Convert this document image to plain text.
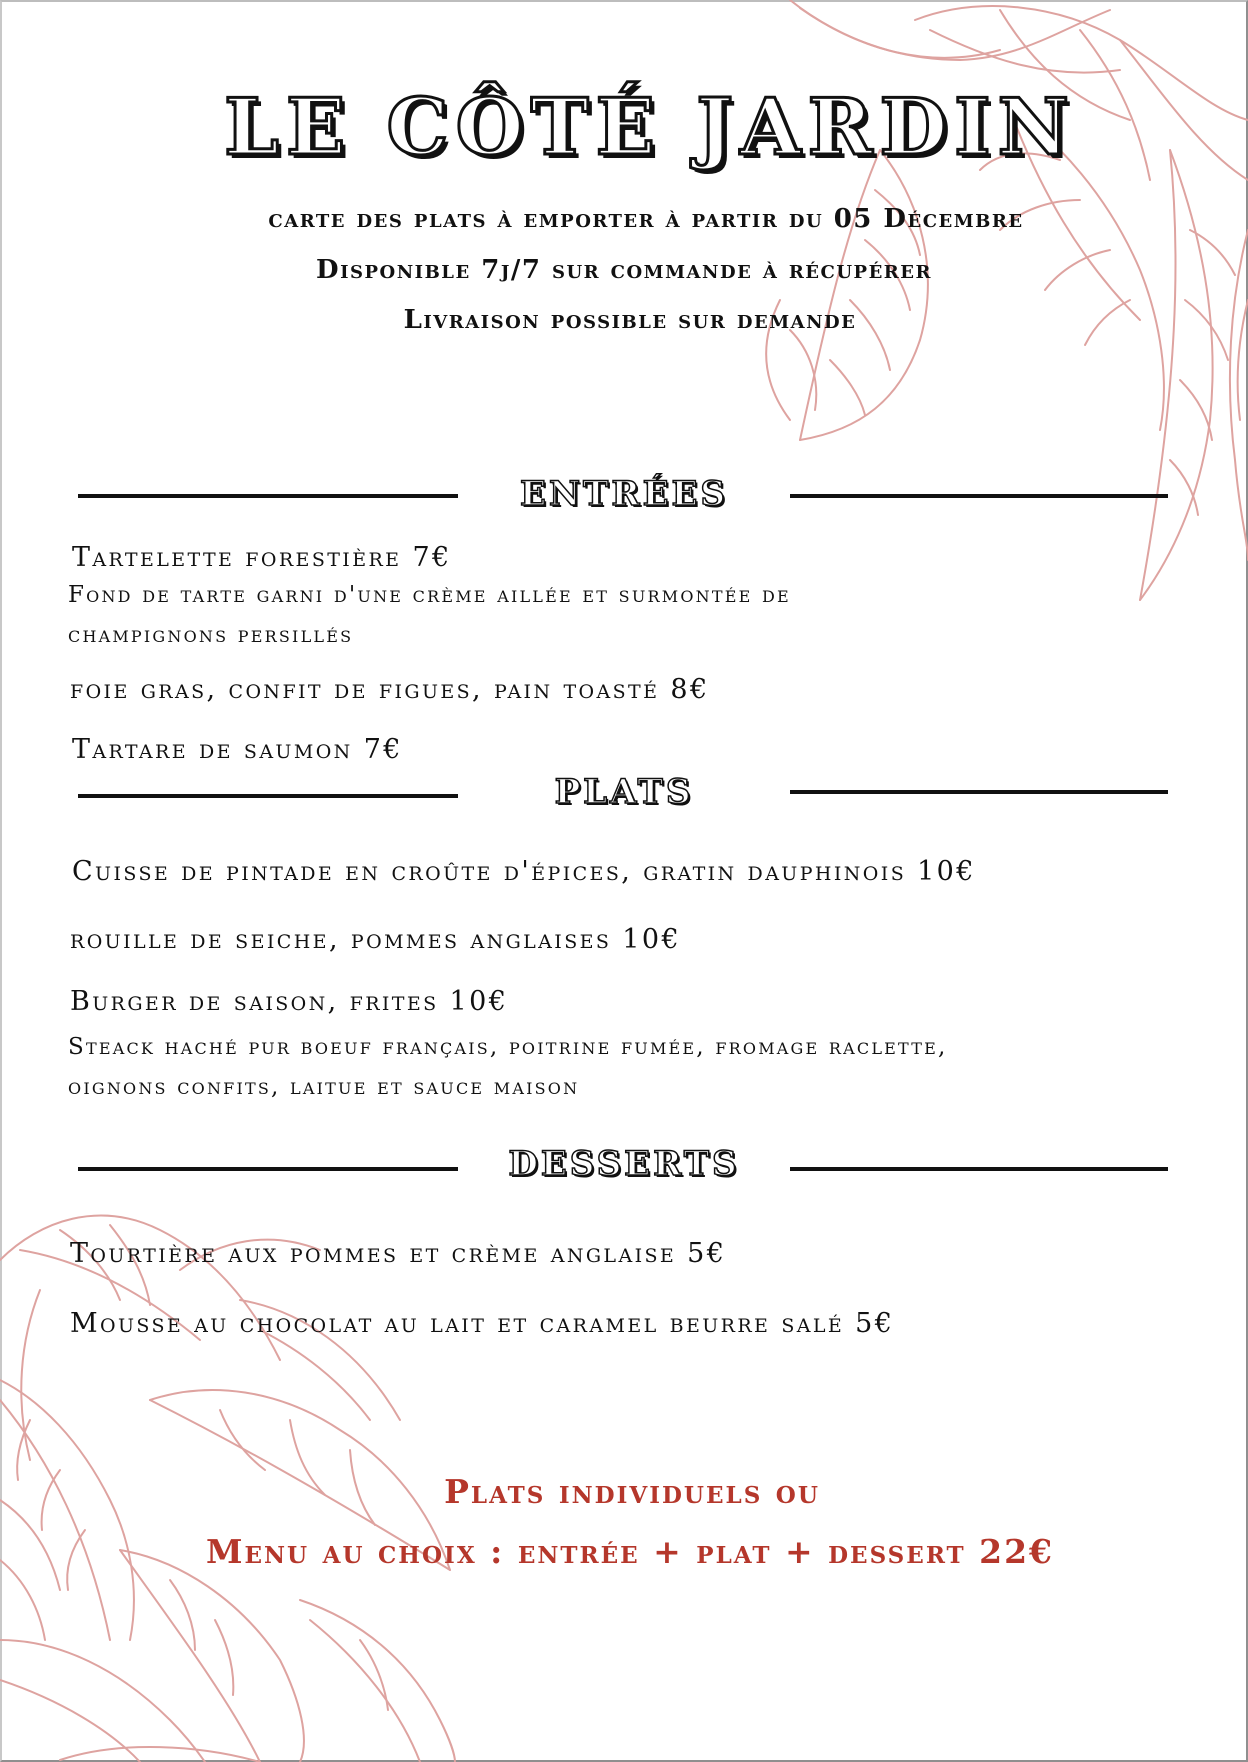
LE CÔTÉ JARDIN
carte des plats à emporter à partir du 05 Décembre
Disponible 7j/7 sur commande à récupérer
Livraison possible sur demande
ENTRÉES
Tartelette forestière 7€
Fond de tarte garni d'une crème aillée et surmontée de
champignons persillés
foie gras, confit de figues, pain toasté 8€
Tartare de saumon 7€
PLATS
Cuisse de pintade en croûte d'épices, gratin dauphinois 10€
rouille de seiche, pommes anglaises 10€
Burger de saison, frites 10€
Steack haché pur boeuf français, poitrine fumée, fromage raclette,
oignons confits, laitue et sauce maison
DESSERTS
Tourtière aux pommes et crème anglaise 5€
Mousse au chocolat au lait et caramel beurre salé 5€
Plats individuels ou
Menu au choix : entrée + plat + dessert 22€
